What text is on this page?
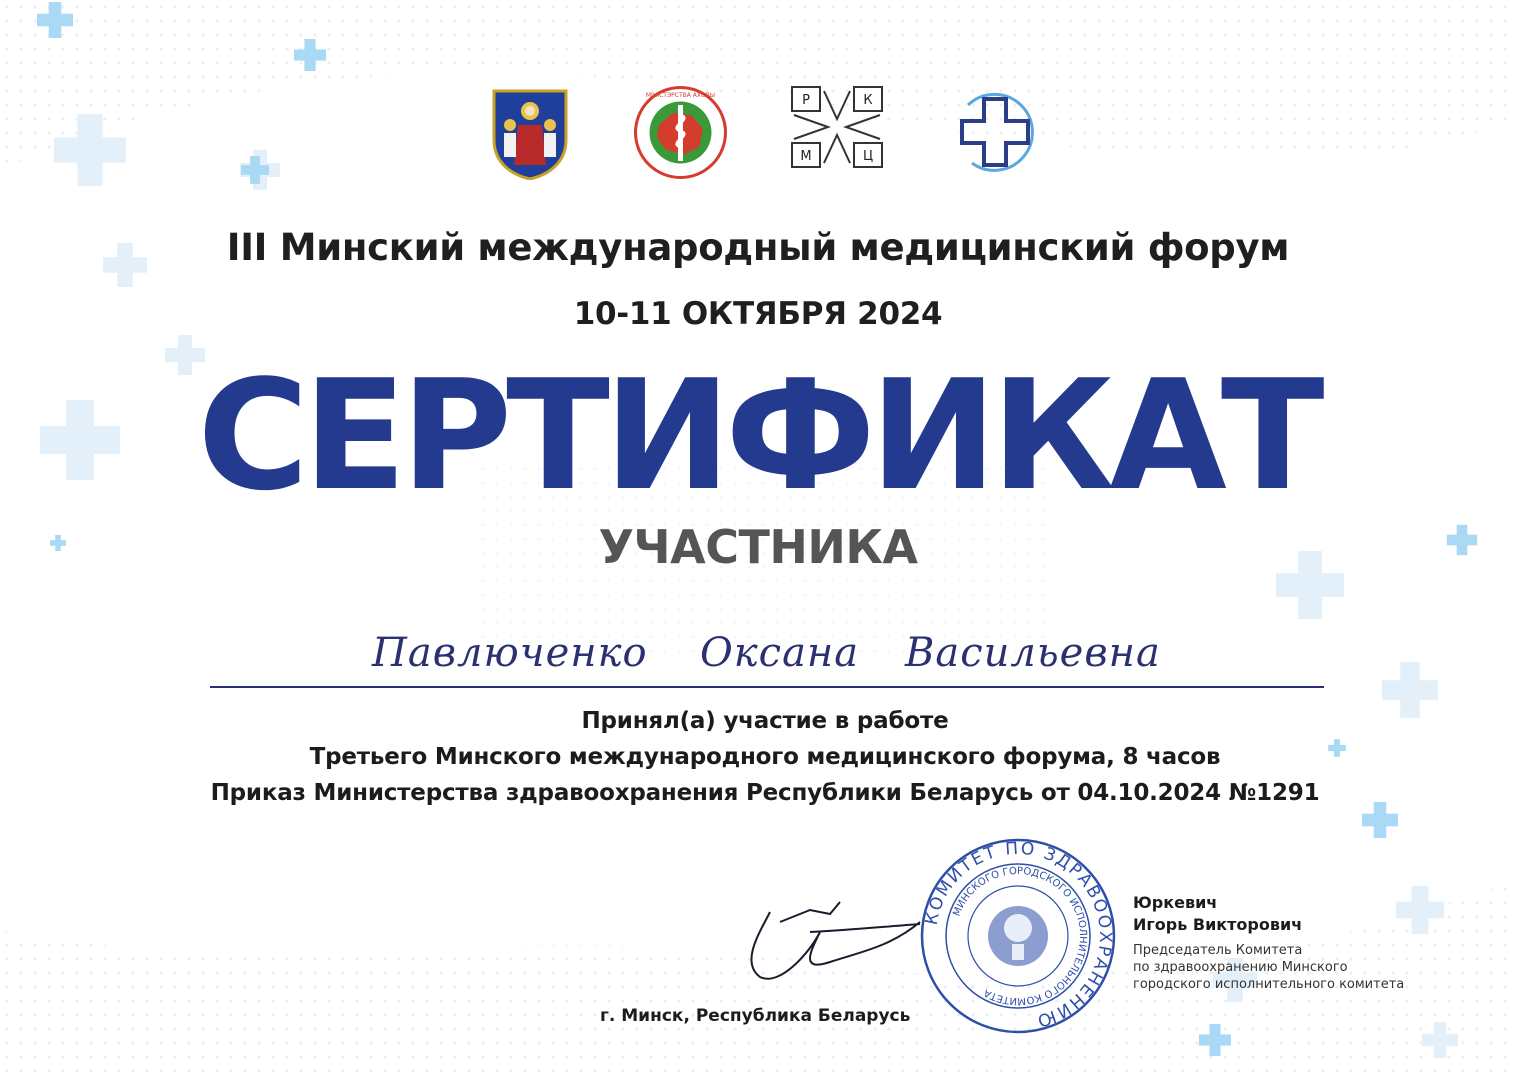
МІНІСТЭРСТВА АХОВЫ	Р	К
М	Ц
III Минский международный медицинский форум
10-11 ОКТЯБРЯ 2024
СЕРТИФИКАТ
УЧАСТНИКА
Павлюченко Оксана Васильевна
Принял(а) участие в работе
Третьего Минского международного медицинского форума, 8 часов
Приказ Министерства здравоохранения Республики Беларусь от 04.10.2024 №1291
КОМИТЕТ ПО ЗДРАВООХРАНЕНИЮ
МИНСКОГО ГОРОДСКОГО ИСПОЛНИТЕЛЬНОГО КОМИТЕТА
г. Минск, Республика Беларусь
Юркевич
Игорь Викторович
Председатель Комитета
по здравоохранению Минского
городского исполнительного комитета
